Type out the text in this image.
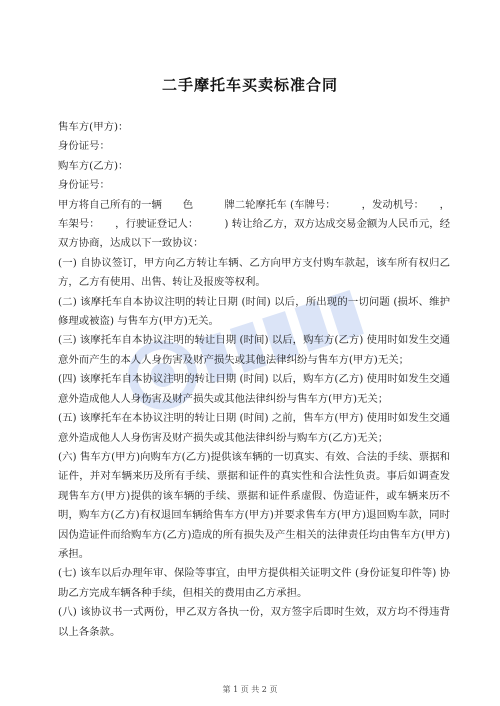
二手摩托车买卖标准合同
售车方(甲方)：
身份证号：
购车方(乙方)：
身份证号：
甲方将自己所有的一辆　　色　　　牌二轮摩托车 (车牌号：　　　，发动机号：　　，车架号：　　，行驶证登记人：　　　) 转让给乙方，双方达成交易金额为人民币元，经双方协商，达成以下一致协议：
(一) 自协议签订，甲方向乙方转让车辆、乙方向甲方支付购车款起，该车所有权归乙方，乙方有使用、出售、转让及报废等权利。
(二) 该摩托车自本协议注明的转让日期 (时间) 以后，所出现的一切问题 (损坏、维护修理或被盗) 与售车方(甲方)无关。
(三) 该摩托车自本协议注明的转让日期 (时间) 以后，购车方(乙方) 使用时如发生交通意外而产生的本人人身伤害及财产损失或其他法律纠纷与售车方(甲方)无关；
(四) 该摩托车自本协议注明的转让日期 (时间) 以后，购车方(乙方) 使用时如发生交通意外造成他人人身伤害及财产损失或其他法律纠纷与售车方(甲方)无关；
(五) 该摩托车在本协议注明的转让日期 (时间) 之前，售车方(甲方) 使用时如发生交通意外造成他人人身伤害及财产损失或其他法律纠纷与购车方(乙方)无关；
(六) 售车方(甲方)向购车方(乙方)提供该车辆的一切真实、有效、合法的手续、票据和证件，并对车辆来历及所有手续、票据和证件的真实性和合法性负责。事后如调查发现售车方(甲方)提供的该车辆的手续、票据和证件系虚假、伪造证件，或车辆来历不明，购车方(乙方)有权退回车辆给售车方(甲方)并要求售车方(甲方)退回购车款，同时因伪造证件而给购车方(乙方)造成的所有损失及产生相关的法律责任均由售车方(甲方)承担。
(七) 该车以后办理年审、保险等事宜，由甲方提供相关证明文件 (身份证复印件等) 协助乙方完成车辆各种手续，但相关的费用由乙方承担。
(八) 该协议书一式两份，甲乙双方各执一份，双方签字后即时生效，双方均不得违背以上各条款。
第 1 页 共 2 页
